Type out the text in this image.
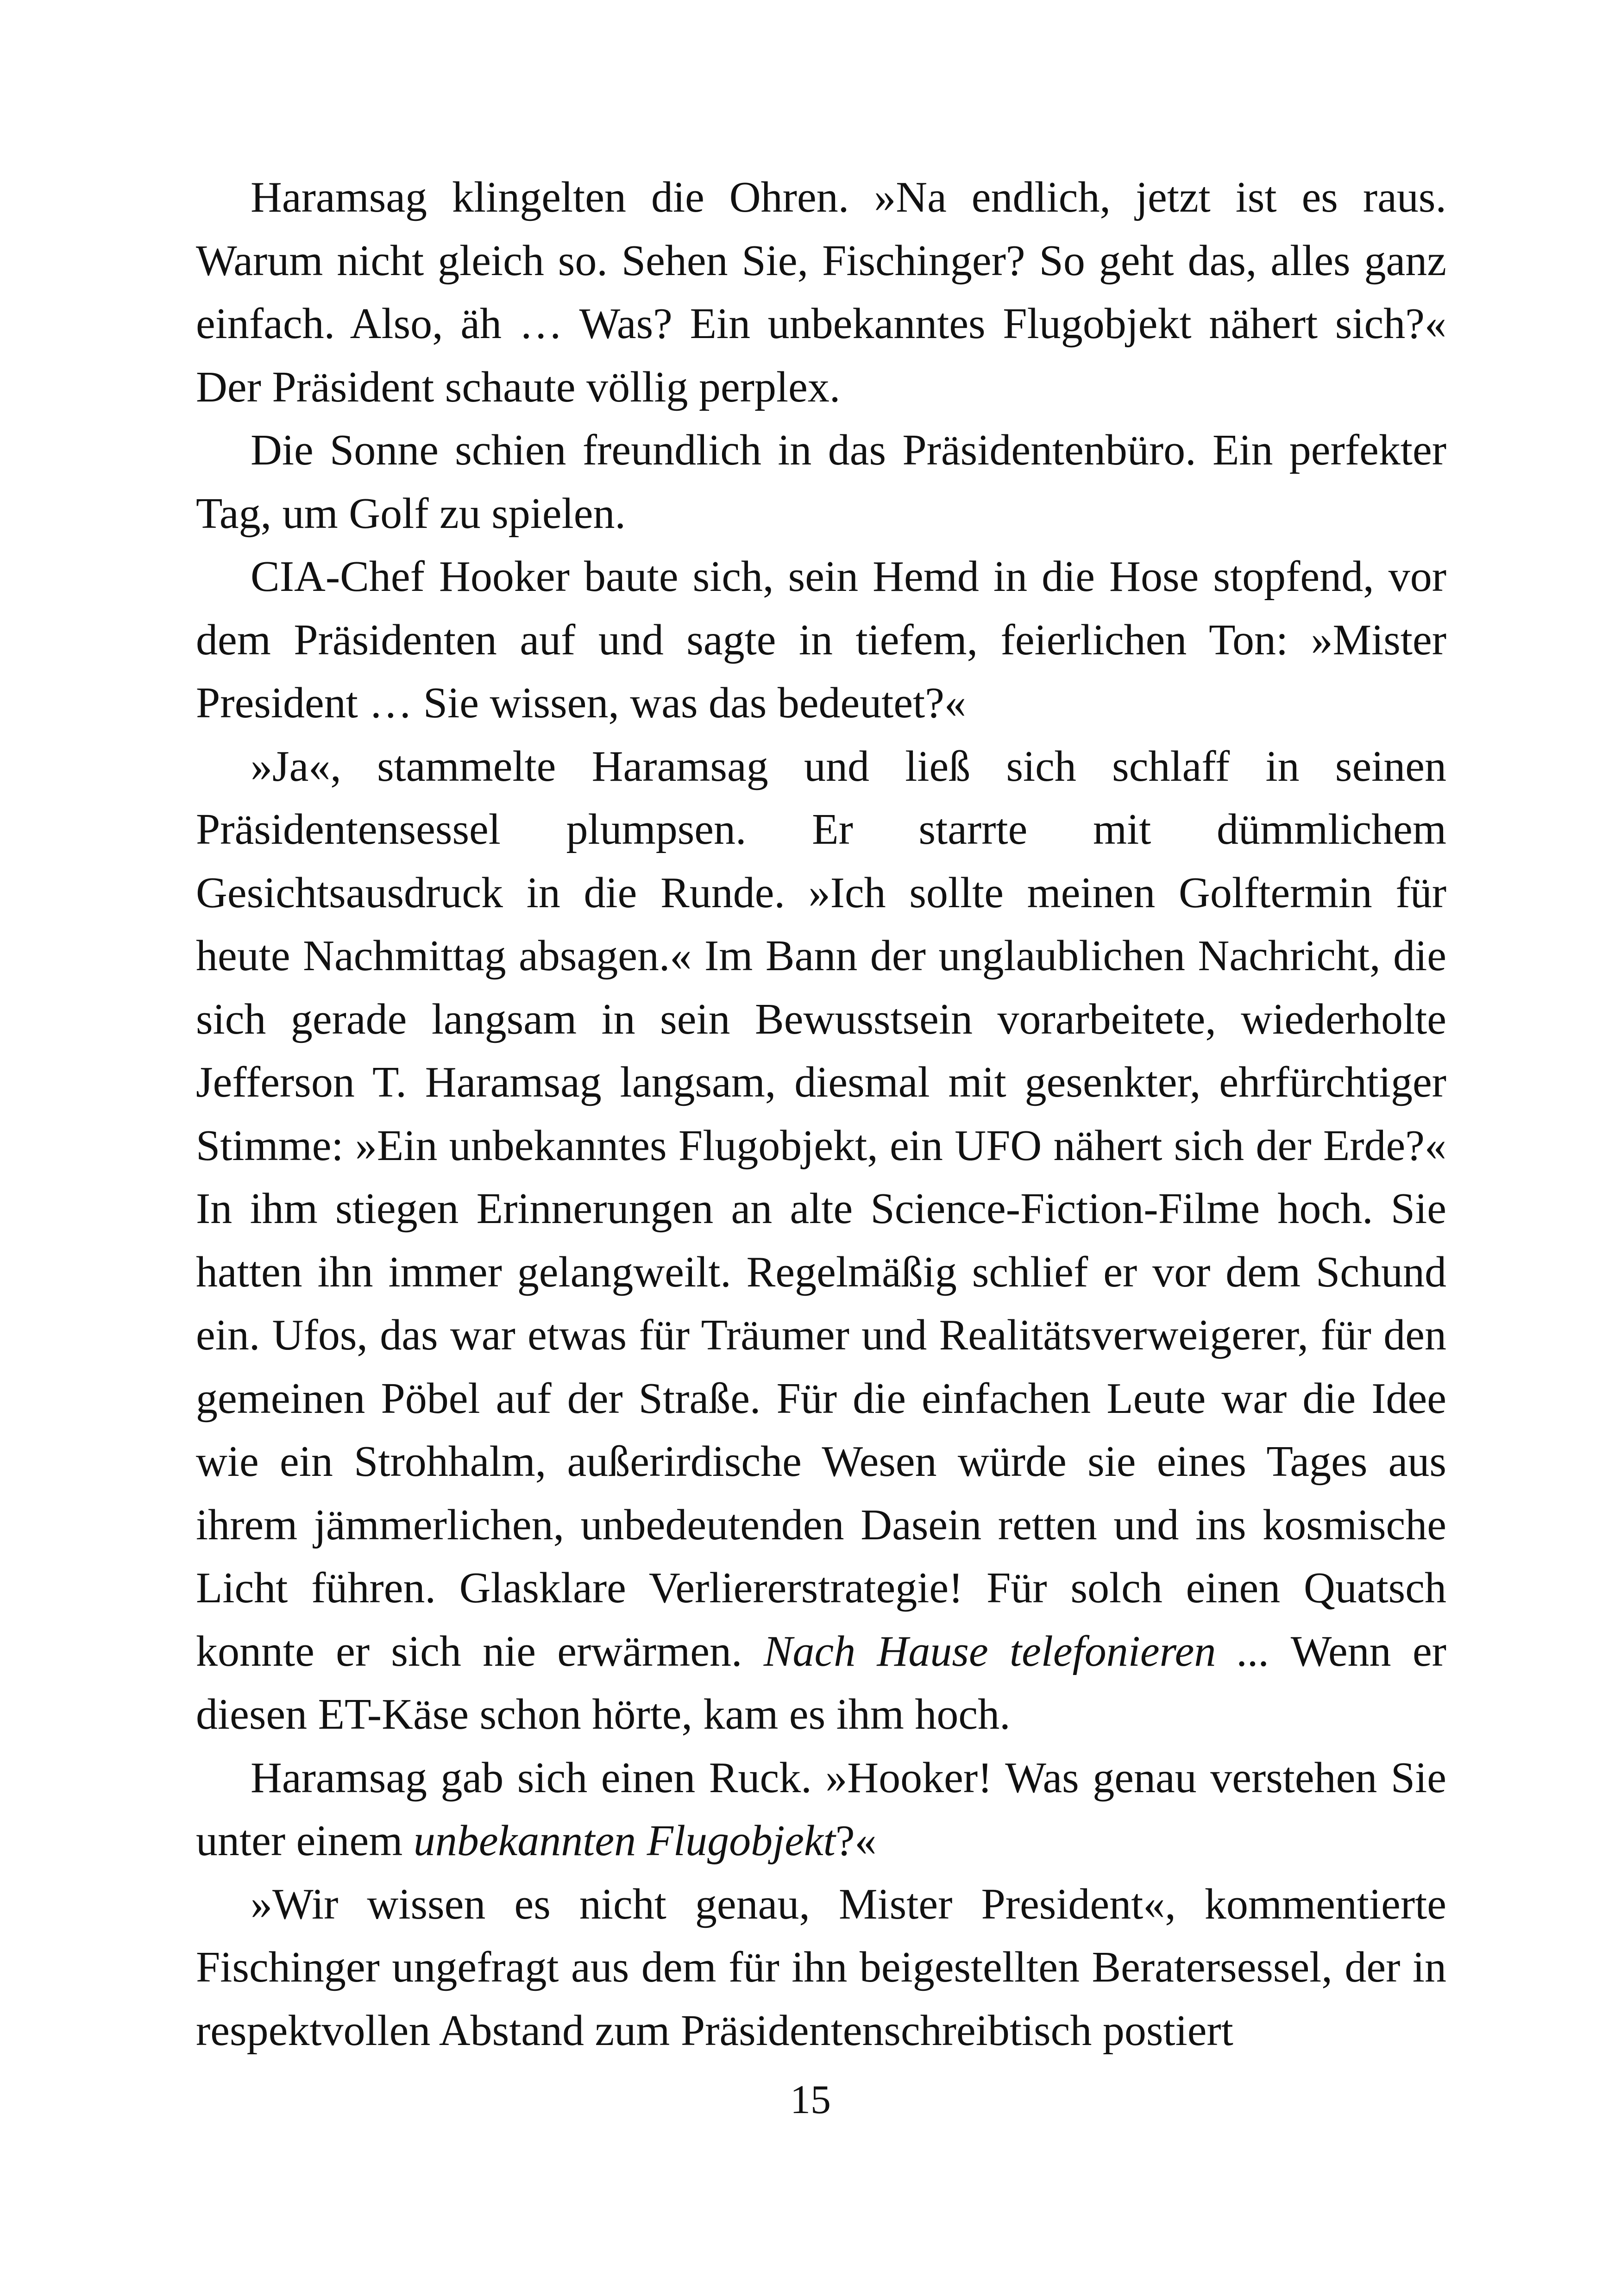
Haramsag klingelten die Ohren. »Na endlich, jetzt ist es raus. Warum nicht gleich so. Sehen Sie, Fischinger? So geht das, alles ganz einfach. Also, äh … Was? Ein unbekanntes Flugobjekt nähert sich?« Der Präsident schaute völlig perplex.

Die Sonne schien freundlich in das Präsidentenbüro. Ein perfekter Tag, um Golf zu spielen.

CIA-Chef Hooker baute sich, sein Hemd in die Hose stopfend, vor dem Präsidenten auf und sagte in tiefem, feierlichen Ton: »Mister President … Sie wissen, was das bedeutet?«

»Ja«, stammelte Haramsag und ließ sich schlaff in seinen Präsidentensessel plumpsen. Er starrte mit dümmlichem Gesichtsausdruck in die Runde. »Ich sollte meinen Golftermin für heute Nachmittag absagen.« Im Bann der unglaublichen Nachricht, die sich gerade langsam in sein Bewusstsein vorarbeitete, wiederholte Jefferson T. Haramsag langsam, diesmal mit gesenkter, ehrfürchtiger Stimme: »Ein unbekanntes Flugobjekt, ein UFO nähert sich der Erde?« In ihm stiegen Erinnerungen an alte Science-Fiction-Filme hoch. Sie hatten ihn immer gelangweilt. Regelmäßig schlief er vor dem Schund ein. Ufos, das war etwas für Träumer und Realitätsverweigerer, für den gemeinen Pöbel auf der Straße. Für die einfachen Leute war die Idee wie ein Strohhalm, außerirdische Wesen würde sie eines Tages aus ihrem jämmerlichen, unbedeutenden Dasein retten und ins kosmische Licht führen. Glasklare Verliererstrategie! Für solch einen Quatsch konnte er sich nie erwärmen. Nach Hause telefonieren ... Wenn er diesen ET-Käse schon hörte, kam es ihm hoch.

Haramsag gab sich einen Ruck. »Hooker! Was genau verstehen Sie unter einem unbekannten Flugobjekt?«

»Wir wissen es nicht genau, Mister President«, kommentierte Fischinger ungefragt aus dem für ihn beigestellten Beratersessel, der in respektvollen Abstand zum Präsidentenschreibtisch postiert

15
